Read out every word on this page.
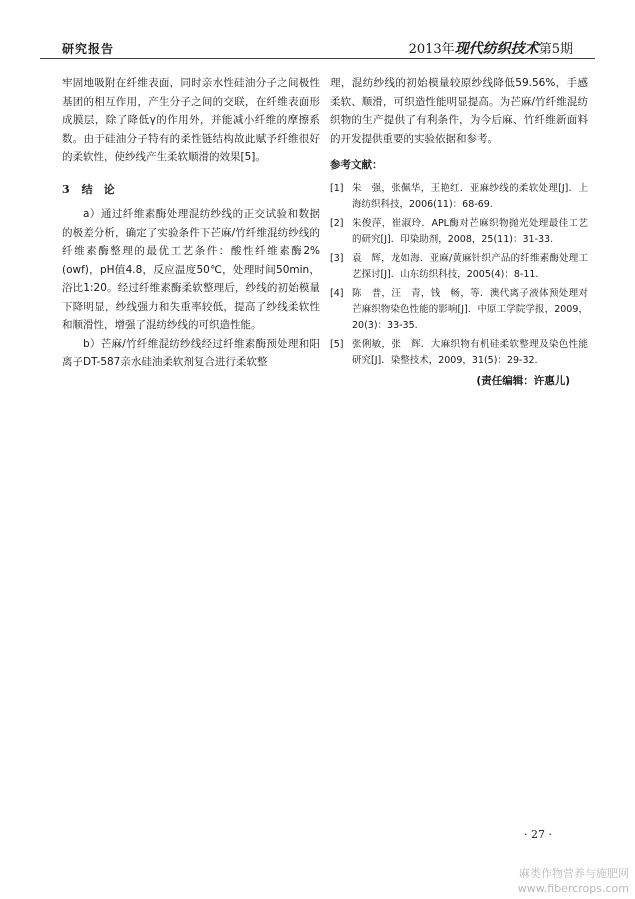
研究报告	2013年现代纺织技术第5期

牢固地吸附在纤维表面，同时亲水性硅油分子之间极性基团的相互作用，产生分子之间的交联，在纤维表面形成膜层，除了降低γ的作用外，并能减小纤维的摩擦系数。由于硅油分子特有的柔性链结构故此赋予纤维很好的柔软性，使纱线产生柔软顺滑的效果[5]。

3 结　论

a）通过纤维素酶处理混纺纱线的正交试验和数据的极差分析，确定了实验条件下芒麻/竹纤维混纺纱线的纤维素酶整理的最优工艺条件：酸性纤维素酶2%(owf)，pH值4.8，反应温度50℃，处理时间50min，浴比1:20。经过纤维素酶柔软整理后，纱线的初始模量下降明显，纱线强力和失重率较低，提高了纱线柔软性和顺滑性，增强了混纺纱线的可织造性能。

b）芒麻/竹纤维混纺纱线经过纤维素酶预处理和阳离子DT-587亲水硅油柔软剂复合进行柔软整

理，混纺纱线的初始模量较原纱线降低59.56%，手感柔软、顺滑，可织造性能明显提高。为芒麻/竹纤维混纺织物的生产提供了有利条件，为今后麻、竹纤维新面料的开发提供重要的实验依据和参考。

参考文献：
[1] 朱　强，张佩华，王艳红．亚麻纱线的柔软处理[J]．上海纺织科技，2006(11)：68-69.
[2] 朱俊萍，崔淑玲．APL酶对芒麻织物抛光处理最佳工艺的研究[J]．印染助剂，2008，25(11)：31-33.
[3] 袁　辉，龙如海．亚麻/黄麻针织产品的纤维素酶处理工艺探讨[J]．山东纺织科技，2005(4)：8-11.
[4] 陈　普，汪　青，钱　畅，等．澳代离子液体预处理对芒麻织物染色性能的影响[J]．中原工学院学报，2009，20(3)：33-35.
[5] 张俐敏，张　辉．大麻织物有机硅柔软整理及染色性能研究[J]．染整技术，2009，31(5)：29-32.
(责任编辑：许惠儿)
· 27 ·
麻类作物营养与施肥网
www.fibercrops.com
